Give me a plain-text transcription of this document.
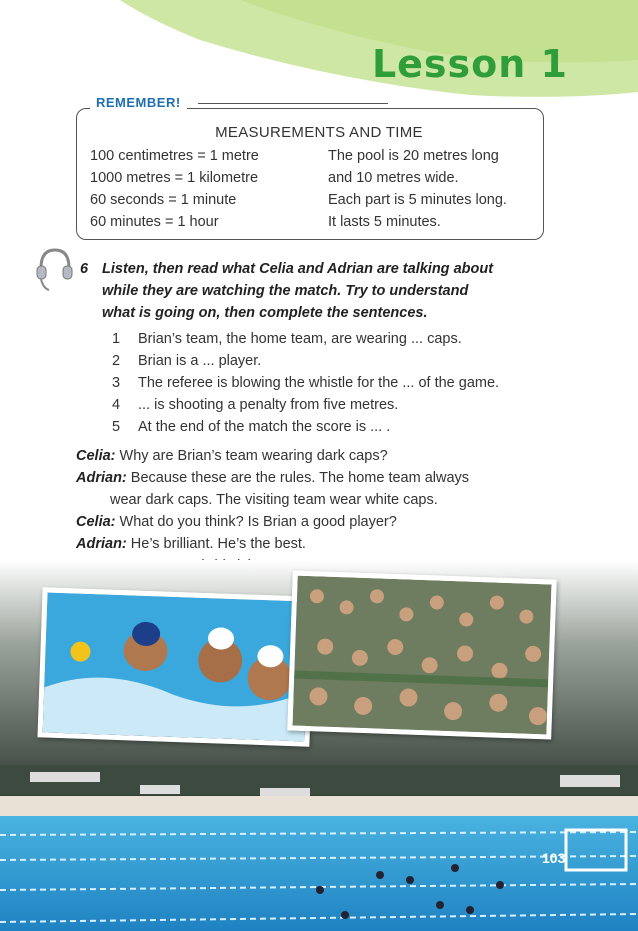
Lesson 1
REMEMBER!
MEASUREMENTS AND TIME
100 centimetres = 1 metre
1000 metres = 1 kilometre
60 seconds = 1 minute
60 minutes = 1 hour
The pool is 20 metres long
and 10 metres wide.
Each part is 5 minutes long.
It lasts 5 minutes.
6 Listen, then read what Celia and Adrian are talking about
while they are watching the match. Try to understand
what is going on, then complete the sentences.
1 Brian’s team, the home team, are wearing ... caps.
2 Brian is a ... player.
3 The referee is blowing the whistle for the ... of the game.
4 ... is shooting a penalty from five metres.
5 At the end of the match the score is ... .
Celia: Why are Brian’s team wearing dark caps?
Adrian: Because these are the rules. The home team always
wear dark caps. The visiting team wear white caps.
Celia: What do you think? Is Brian a good player?
Adrian: He’s brilliant. He’s the best.
103
